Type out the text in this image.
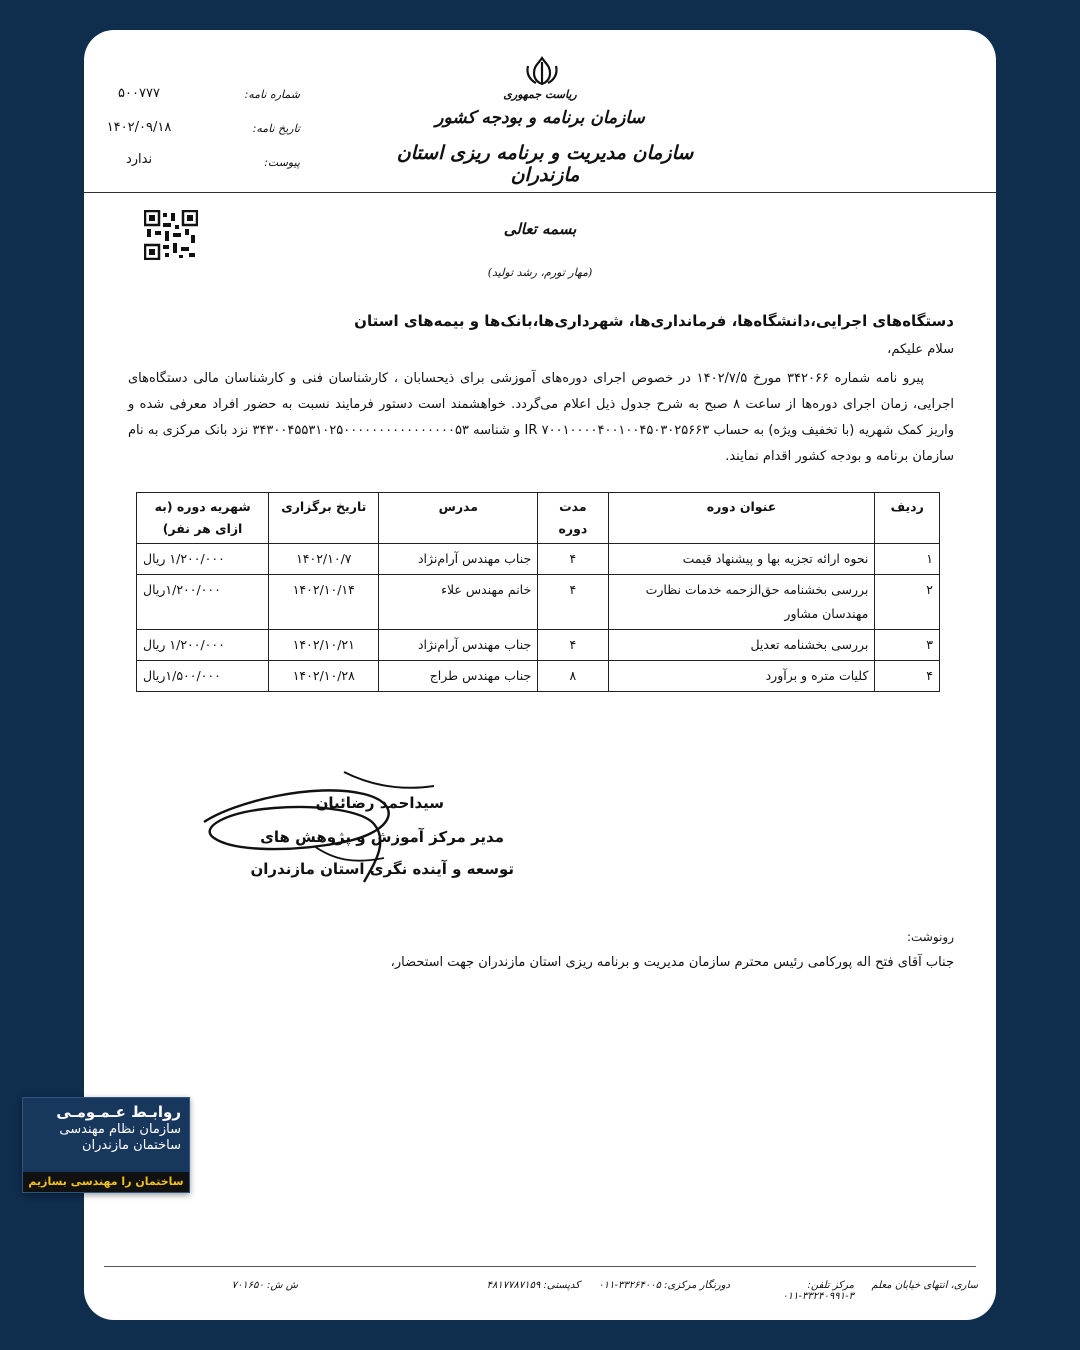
ریاست جمهوری
سازمان برنامه و بودجه کشور
سازمان مدیریت و برنامه ریزی استان مازندران
شماره نامه:
۵۰۰۷۷۷
تاریخ نامه:
۱۴۰۲/۰۹/۱۸
پیوست:
ندارد
بسمه تعالی
(مهار تورم، رشد تولید)
دستگاه‌های اجرایی،دانشگاه‌ها، فرمانداری‌ها، شهرداری‌ها،بانک‌ها و بیمه‌های استان
سلام علیکم،
پیرو نامه شماره ۳۴۲۰۶۶ مورخ ۱۴۰۲/۷/۵ در خصوص اجرای دوره‌های آموزشی برای ذیحسابان ، کارشناسان فنی و کارشناسان مالی دستگاه‌های اجرایی، زمان اجرای دوره‌ها از ساعت ۸ صبح به شرح جدول ذیل اعلام می‌گردد. خواهشمند است دستور فرمایند نسبت به حضور افراد معرفی شده و واریز کمک شهریه (با تخفیف ویژه) به حساب IR ۷۰۰۱۰۰۰۰۴۰۰۱۰۰۴۵۰۳۰۲۵۶۶۳ و شناسه ۳۴۳۰۰۴۵۵۳۱۰۲۵۰۰۰۰۰۰۰۰۰۰۰۰۰۰۰۰۵۳ نزد بانک مرکزی به نام سازمان برنامه و بودجه کشور اقدام نمایند.
ردیف	عنوان دوره	مدت دوره	مدرس	تاریخ برگزاری	شهریه دوره (به ازای هر نفر)
۱	نحوه ارائه تجزیه بها و پیشنهاد قیمت	۴	جناب مهندس آرام‌نژاد	۱۴۰۲/۱۰/۷	۱/۲۰۰/۰۰۰ ریال
۲	بررسی بخشنامه حق‌الزحمه خدمات نظارت مهندسان مشاور	۴	خانم مهندس علاء	۱۴۰۲/۱۰/۱۴	۱/۲۰۰/۰۰۰ریال
۳	بررسی بخشنامه تعدیل	۴	جناب مهندس آرام‌نژاد	۱۴۰۲/۱۰/۲۱	۱/۲۰۰/۰۰۰ ریال
۴	کلیات متره و برآورد	۸	جناب مهندس طراج	۱۴۰۲/۱۰/۲۸	۱/۵۰۰/۰۰۰ریال
سیداحمد رضائیان
مدیر مرکز آموزش و پژوهش های
توسعه و آینده نگری استان مازندران
رونوشت:
جناب آقای فتح اله پورکامی رئیس محترم سازمان مدیریت و برنامه ریزی استان مازندران جهت استحضار،
ساری، انتهای خیابان معلم
مرکز تلفن: ۳-۳۳۲۴۰۹۹۱-۰۱۱
دورنگار مرکزی: ۳۳۲۶۴۰۰۵-۰۱۱
کدپستی: ۴۸۱۷۷۸۷۱۵۹
ش ش: ۷۰۱۶۵۰
روابـط عـمـومـی
سازمان نظام مهندسی
ساختمان مازندران
ساختمان را مهندسی بسازیم
